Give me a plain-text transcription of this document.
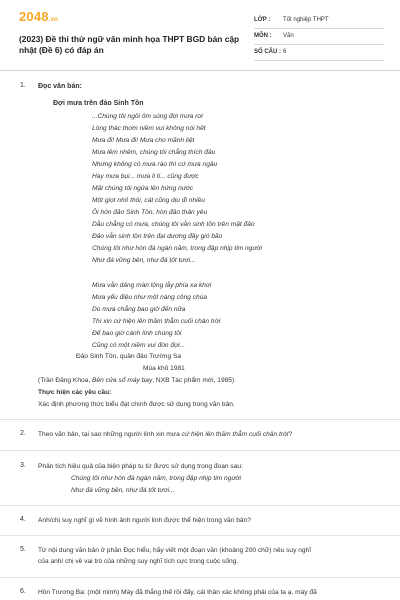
2048.vn
(2023) Đề thi thử ngữ văn minh họa THPT BGD bản cập nhật (Đề 6) có đáp án
LỚP : Tốt nghiệp THPT
MÔN : Văn
SỐ CÂU : 6
1. Đọc văn bản:
Đợi mưa trên đảo Sinh Tồn
...Chúng tôi ngồi ôm súng đợi mưa rơi
Lòng thác thơm niềm vui không nói hết
Mưa đi! Mưa đi! Mưa cho mãnh liệt
Mưa lêm nhêm, chúng tôi chẳng thích đâu
Nhưng không có mưa rào thì cứ mưa ngâu
Hay mưa bụi... mưa li ti... cũng được
Mặt chúng tôi ngửa lên hứng nước
Một giọt nhỏ thôi, cát cũng dịu đi nhiều
Ôi hòn đảo Sinh Tồn, hòn đảo thân yêu
Dẫu chẳng có mưa, chúng tôi vẫn sinh tồn trên mặt đảo
Đảo vẫn sinh tồn trên đại dương đầy gió bão
Chúng tôi như hòn đá ngàn năm, trong đập nhịp tim người
Như đá vững bền, như đá tốt tươi...
Mưa vẫn dâng màn lộng lẫy phía xa khơi
Mưa yểu điệu như một nàng công chúa
Dù mưa chẳng bao giờ đến nữa
Thì xin cứ hiện lên thăm thẳm cuối chân trời
Để bao giờ cánh lính chúng tôi
Cũng có một niềm vui đón đợi...
Đảo Sinh Tồn, quần đảo Trường Sa
Mùa khô 1981
(Trần Đăng Khoa, Bên cửa sổ máy bay, NXB Tác phẩm mới, 1985)
Thực hiện các yêu cầu:
Xác định phương thức biểu đạt chính được sử dụng trong văn bản.
2. Theo văn bản, tại sao những người lính xin mưa cứ hiện lên thăm thẳm cuối chân trời?
3. Phân tích hiệu quả của biện pháp tu từ được sử dụng trong đoạn sau:
Chúng tôi như hòn đá ngàn năm, trong đập nhịp tim người
Như đá vững bền, như đá tốt tươi...
4. Anh/chị suy nghĩ gì về hình ảnh người lính được thể hiện trong văn bản?
5. Từ nội dung văn bản ở phần Đọc hiểu, hãy viết một đoạn văn (khoảng 200 chữ) nêu suy nghĩ
của anh/ chị về vai trò của những suy nghĩ tích cực trong cuộc sống.
6. Hồn Trương Ba: (một mình) Mày đã thắng thế rồi đấy, cái thân xác không phải của ta ạ, mày đã
